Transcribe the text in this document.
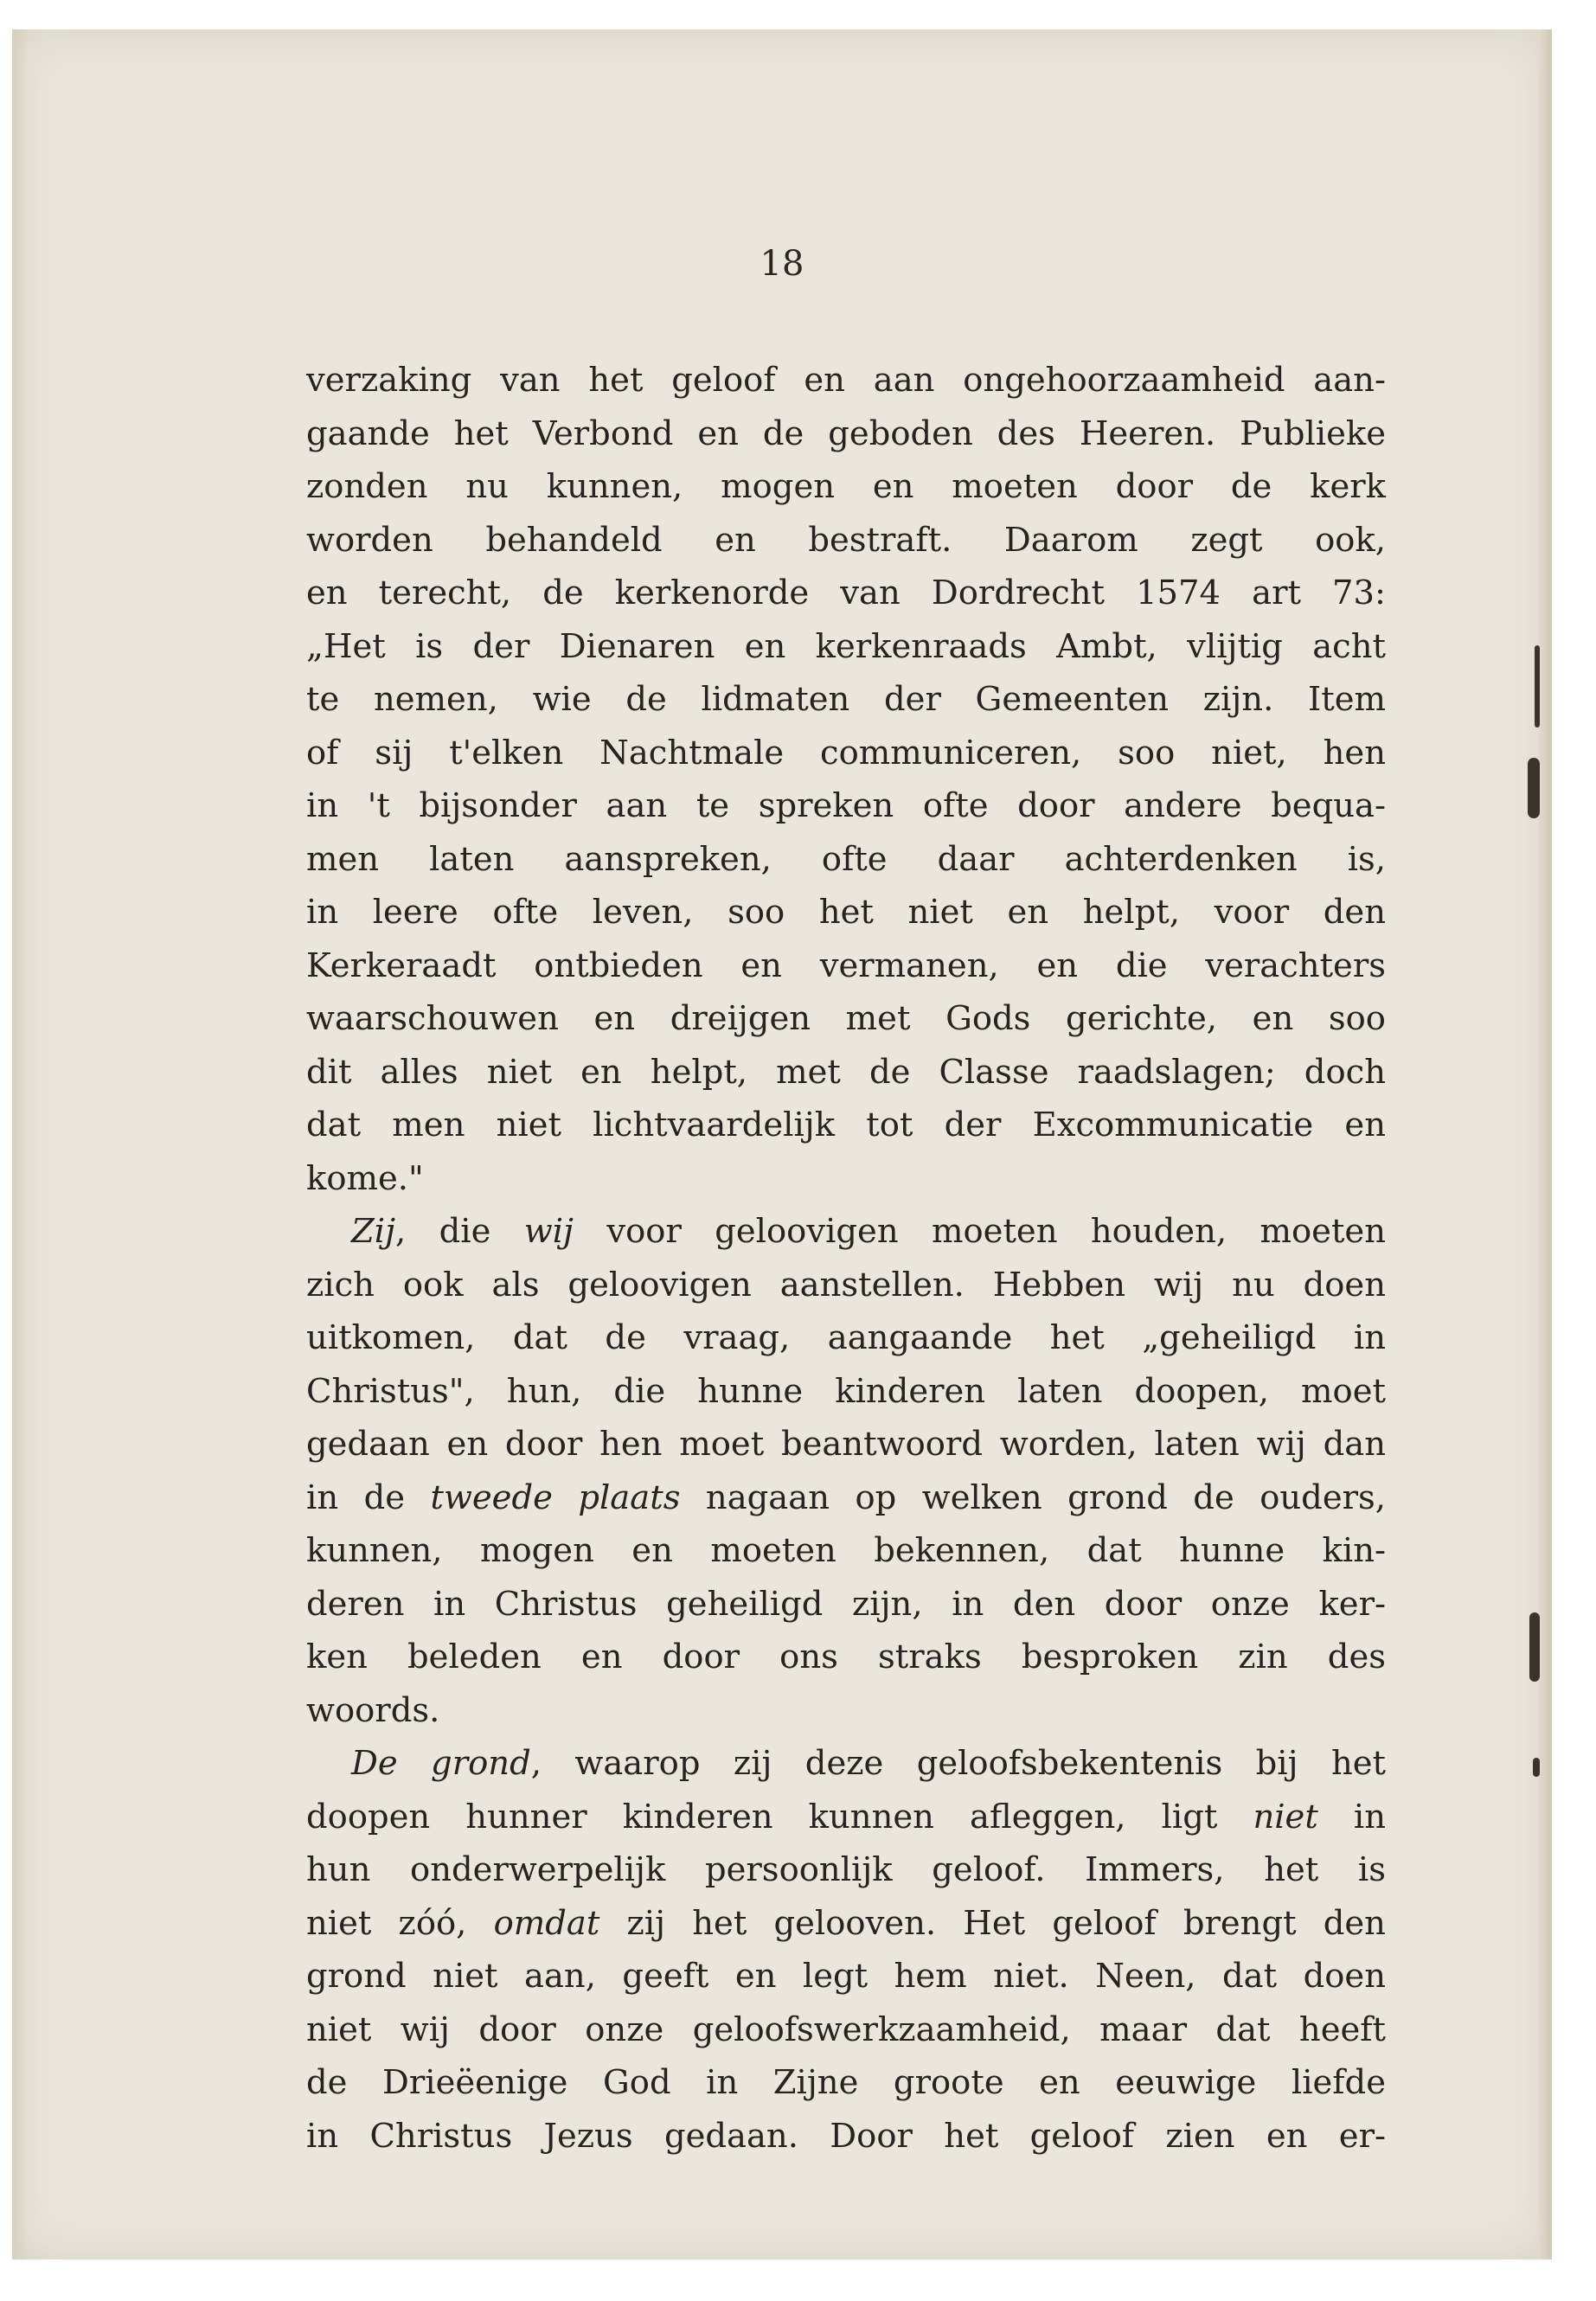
18
verzaking van het geloof en aan ongehoorzaamheid aan-
gaande het Verbond en de geboden des Heeren. Publieke
zonden nu kunnen, mogen en moeten door de kerk
worden behandeld en bestraft. Daarom zegt ook,
en terecht, de kerkenorde van Dordrecht 1574 art 73:
„Het is der Dienaren en kerkenraads Ambt, vlijtig acht
te nemen, wie de lidmaten der Gemeenten zijn. Item
of sij t'elken Nachtmale communiceren, soo niet, hen
in 't bijsonder aan te spreken ofte door andere bequa-
men laten aanspreken, ofte daar achterdenken is,
in leere ofte leven, soo het niet en helpt, voor den
Kerkeraadt ontbieden en vermanen, en die verachters
waarschouwen en dreijgen met Gods gerichte, en soo
dit alles niet en helpt, met de Classe raadslagen; doch
dat men niet lichtvaardelijk tot der Excommunicatie en
kome."
Zij, die wij voor geloovigen moeten houden, moeten
zich ook als geloovigen aanstellen. Hebben wij nu doen
uitkomen, dat de vraag, aangaande het „geheiligd in
Christus", hun, die hunne kinderen laten doopen, moet
gedaan en door hen moet beantwoord worden, laten wij dan
in de tweede plaats nagaan op welken grond de ouders,
kunnen, mogen en moeten bekennen, dat hunne kin-
deren in Christus geheiligd zijn, in den door onze ker-
ken beleden en door ons straks besproken zin des
woords.
De grond, waarop zij deze geloofsbekentenis bij het
doopen hunner kinderen kunnen afleggen, ligt niet in
hun onderwerpelijk persoonlijk geloof. Immers, het is
niet zóó, omdat zij het gelooven. Het geloof brengt den
grond niet aan, geeft en legt hem niet. Neen, dat doen
niet wij door onze geloofswerkzaamheid, maar dat heeft
de Drieëenige God in Zijne groote en eeuwige liefde
in Christus Jezus gedaan. Door het geloof zien en er-
